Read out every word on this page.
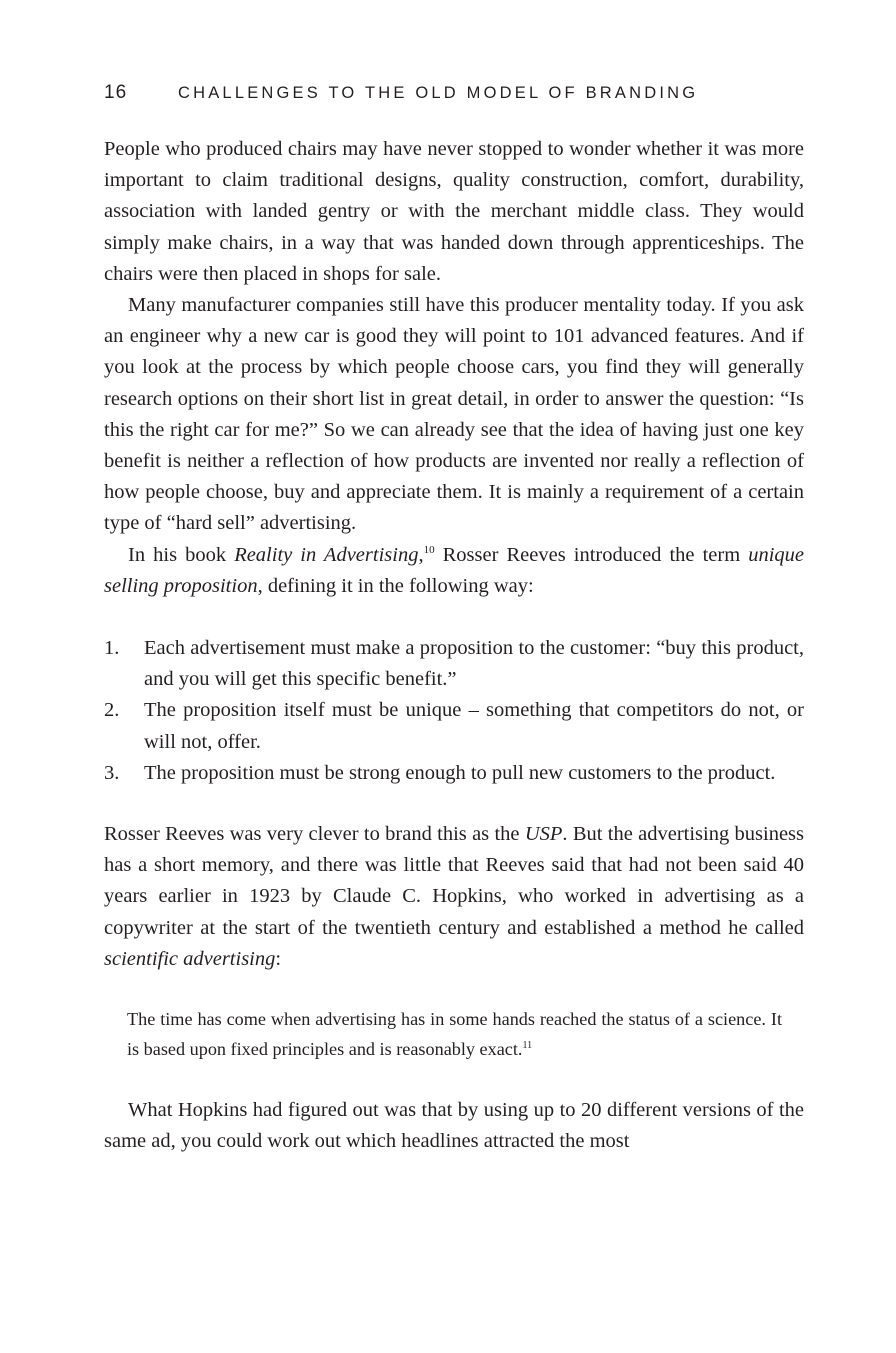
16	CHALLENGES TO THE OLD MODEL OF BRANDING

People who produced chairs may have never stopped to wonder whether it was more important to claim traditional designs, quality construction, comfort, durability, association with landed gentry or with the merchant middle class. They would simply make chairs, in a way that was handed down through apprenticeships. The chairs were then placed in shops for sale.

Many manufacturer companies still have this producer mentality today. If you ask an engineer why a new car is good they will point to 101 advanced features. And if you look at the process by which people choose cars, you find they will generally research options on their short list in great detail, in order to answer the question: “Is this the right car for me?” So we can already see that the idea of having just one key benefit is neither a reflection of how products are invented nor really a reflection of how people choose, buy and appreciate them. It is mainly a requirement of a certain type of “hard sell” advertising.

In his book Reality in Advertising,$^{10}$ Rosser Reeves introduced the term unique selling proposition, defining it in the following way:

1.	Each advertisement must make a proposition to the customer: “buy this product, and you will get this specific benefit.”
2.	The proposition itself must be unique – something that competitors do not, or will not, offer.
3.	The proposition must be strong enough to pull new customers to the product.

Rosser Reeves was very clever to brand this as the USP. But the advertising business has a short memory, and there was little that Reeves said that had not been said 40 years earlier in 1923 by Claude C. Hopkins, who worked in advertising as a copywriter at the start of the twentieth century and established a method he called scientific advertising:

The time has come when advertising has in some hands reached the status of a science. It is based upon fixed principles and is reasonably exact.$^{11}$

What Hopkins had figured out was that by using up to 20 different versions of the same ad, you could work out which headlines attracted the most
